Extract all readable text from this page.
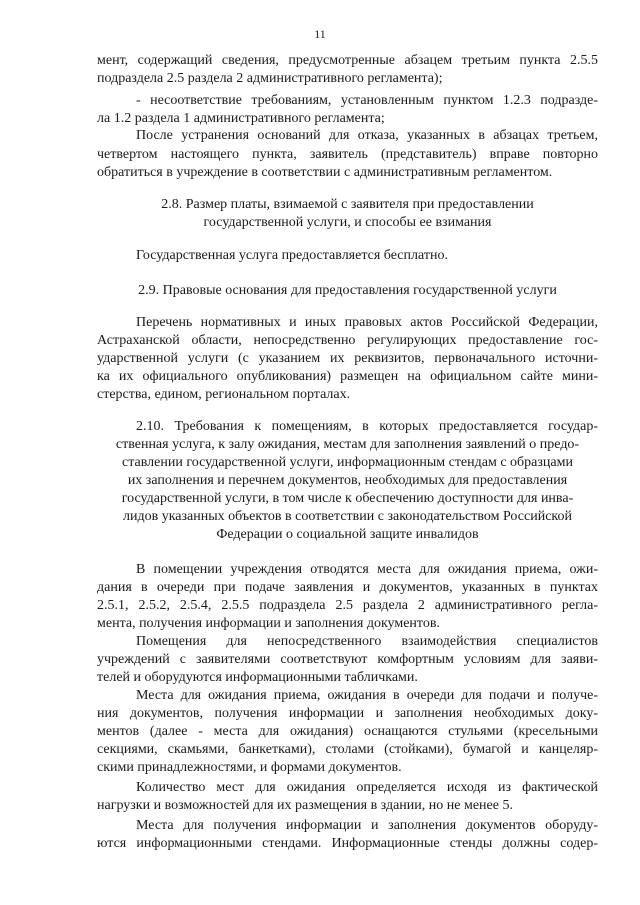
11
мент, содержащий сведения, предусмотренные абзацем третьим пункта 2.5.5
подраздела 2.5 раздела 2 административного регламента);
- несоответствие требованиям, установленным пунктом 1.2.3 подразде-
ла 1.2 раздела 1 административного регламента;
После устранения оснований для отказа, указанных в абзацах третьем,
четвертом настоящего пункта, заявитель (представитель) вправе повторно
обратиться в учреждение в соответствии с административным регламентом.
2.8. Размер платы, взимаемой с заявителя при предоставлении
государственной услуги, и способы ее взимания
Государственная услуга предоставляется бесплатно.
2.9. Правовые основания для предоставления государственной услуги
Перечень нормативных и иных правовых актов Российской Федерации,
Астраханской области, непосредственно регулирующих предоставление гос-
ударственной услуги (с указанием их реквизитов, первоначального источни-
ка их официального опубликования) размещен на официальном сайте мини-
стерства, едином, региональном порталах.
2.10. Требования к помещениям, в которых предоставляется государ-
ственная услуга, к залу ожидания, местам для заполнения заявлений о предо-
ставлении государственной услуги, информационным стендам с образцами
их заполнения и перечнем документов, необходимых для предоставления
государственной услуги, в том числе к обеспечению доступности для инва-
лидов указанных объектов в соответствии с законодательством Российской
Федерации о социальной защите инвалидов
В помещении учреждения отводятся места для ожидания приема, ожи-
дания в очереди при подаче заявления и документов, указанных в пунктах
2.5.1, 2.5.2, 2.5.4, 2.5.5 подраздела 2.5 раздела 2 административного регла-
мента, получения информации и заполнения документов.
Помещения для непосредственного взаимодействия специалистов
учреждений с заявителями соответствуют комфортным условиям для заяви-
телей и оборудуются информационными табличками.
Места для ожидания приема, ожидания в очереди для подачи и получе-
ния документов, получения информации и заполнения необходимых доку-
ментов (далее - места для ожидания) оснащаются стульями (кресельными
секциями, скамьями, банкетками), столами (стойками), бумагой и канцеляр-
скими принадлежностями, и формами документов.
Количество мест для ожидания определяется исходя из фактической
нагрузки и возможностей для их размещения в здании, но не менее 5.
Места для получения информации и заполнения документов оборуду-
ются информационными стендами. Информационные стенды должны содер-
